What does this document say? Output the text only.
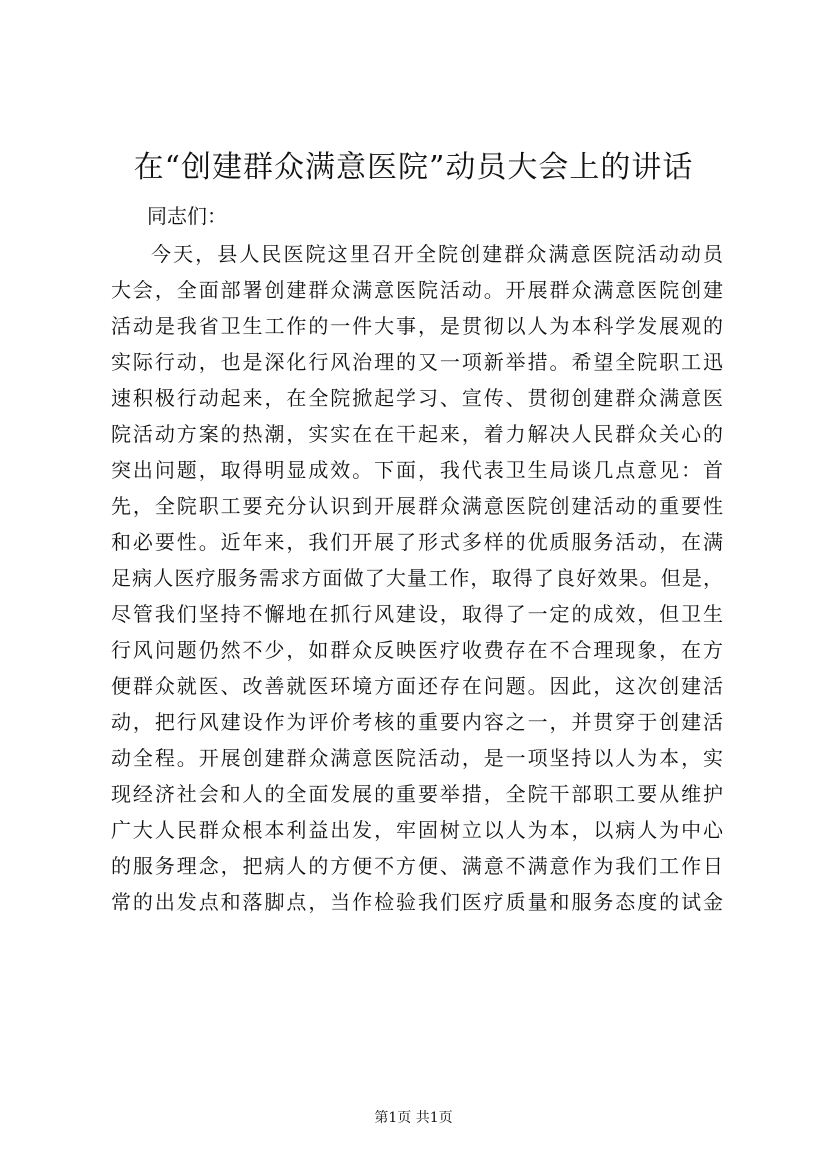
在“创建群众满意医院”动员大会上的讲话

同志们：

今天，县人民医院这里召开全院创建群众满意医院活动动员
大会，全面部署创建群众满意医院活动。开展群众满意医院创建
活动是我省卫生工作的一件大事，是贯彻以人为本科学发展观的
实际行动，也是深化行风治理的又一项新举措。希望全院职工迅
速积极行动起来，在全院掀起学习、宣传、贯彻创建群众满意医
院活动方案的热潮，实实在在干起来，着力解决人民群众关心的
突出问题，取得明显成效。下面，我代表卫生局谈几点意见：首
先，全院职工要充分认识到开展群众满意医院创建活动的重要性
和必要性。近年来，我们开展了形式多样的优质服务活动，在满
足病人医疗服务需求方面做了大量工作，取得了良好效果。但是，
尽管我们坚持不懈地在抓行风建设，取得了一定的成效，但卫生
行风问题仍然不少，如群众反映医疗收费存在不合理现象，在方
便群众就医、改善就医环境方面还存在问题。因此，这次创建活
动，把行风建设作为评价考核的重要内容之一，并贯穿于创建活
动全程。开展创建群众满意医院活动，是一项坚持以人为本，实
现经济社会和人的全面发展的重要举措，全院干部职工要从维护
广大人民群众根本利益出发，牢固树立以人为本，以病人为中心
的服务理念，把病人的方便不方便、满意不满意作为我们工作日
常的出发点和落脚点，当作检验我们医疗质量和服务态度的试金

第1页 共1页
